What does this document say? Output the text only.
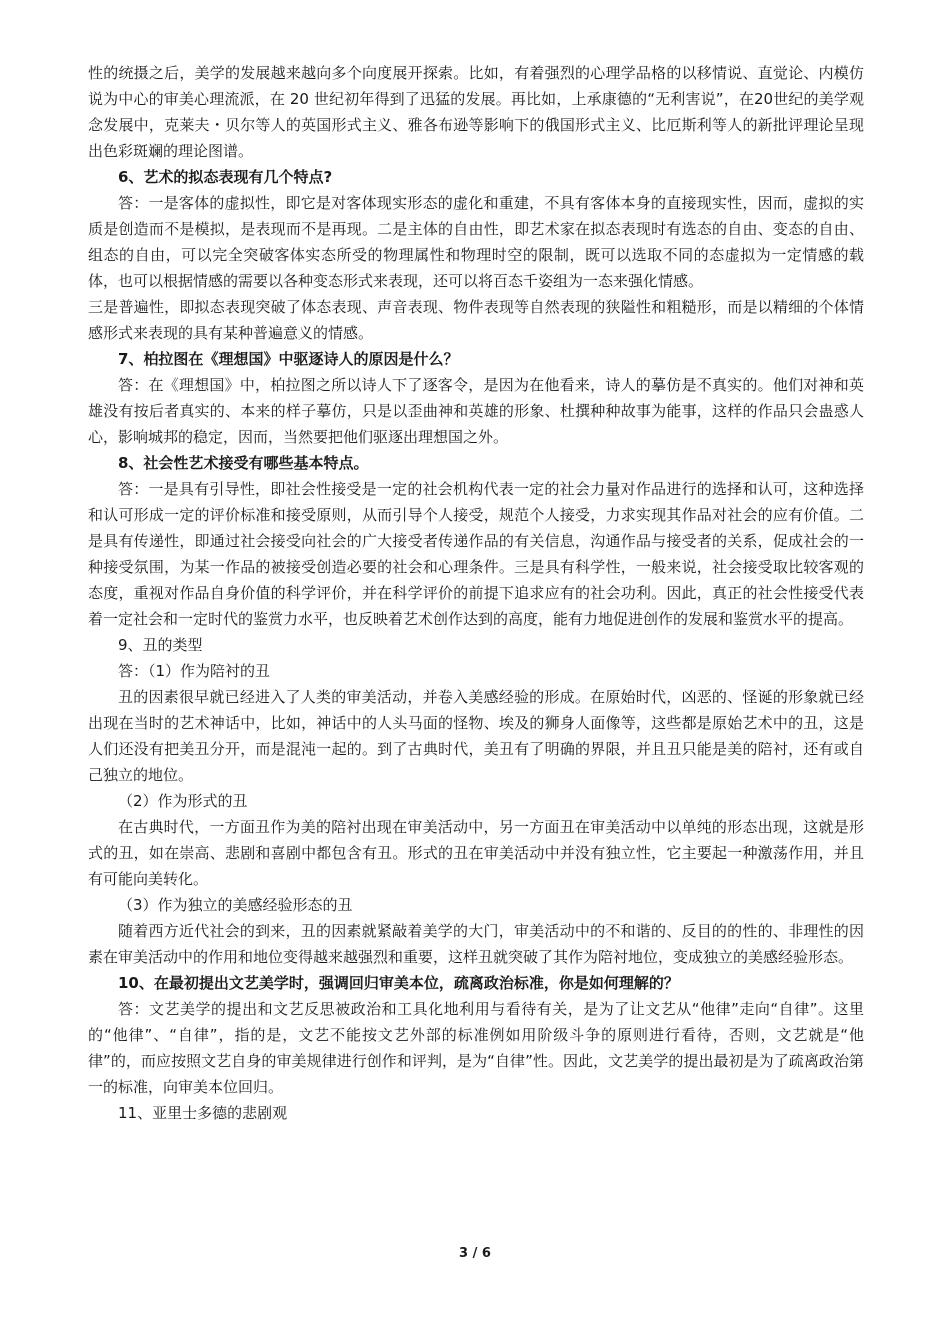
性的统摄之后，美学的发展越来越向多个向度展开探索。比如，有着强烈的心理学品格的以移情说、直觉论、内模仿说为中心的审美心理流派，在 20 世纪初年得到了迅猛的发展。再比如，上承康德的“无利害说”，在20世纪的美学观念发展中，克莱夫・贝尔等人的英国形式主义、雅各布逊等影响下的俄国形式主义、比厄斯利等人的新批评理论呈现出色彩斑斓的理论图谱。

6、艺术的拟态表现有几个特点?

答：一是客体的虚拟性，即它是对客体现实形态的虚化和重建，不具有客体本身的直接现实性，因而，虚拟的实质是创造而不是模拟，是表现而不是再现。二是主体的自由性，即艺术家在拟态表现时有选态的自由、变态的自由、组态的自由，可以完全突破客体实态所受的物理属性和物理时空的限制，既可以选取不同的态虚拟为一定情感的载体，也可以根据情感的需要以各种变态形式来表现，还可以将百态千姿组为一态来强化情感。

三是普遍性，即拟态表现突破了体态表现、声音表现、物件表现等自然表现的狭隘性和粗糙形，而是以精细的个体情感形式来表现的具有某种普遍意义的情感。

7、柏拉图在《理想国》中驱逐诗人的原因是什么？

答：在《理想国》中，柏拉图之所以诗人下了逐客令，是因为在他看来，诗人的摹仿是不真实的。他们对神和英雄没有按后者真实的、本来的样子摹仿，只是以歪曲神和英雄的形象、杜撰种种故事为能事，这样的作品只会蛊惑人心，影响城邦的稳定，因而，当然要把他们驱逐出理想国之外。

8、社会性艺术接受有哪些基本特点。

答：一是具有引导性，即社会性接受是一定的社会机构代表一定的社会力量对作品进行的选择和认可，这种选择和认可形成一定的评价标准和接受原则，从而引导个人接受，规范个人接受，力求实现其作品对社会的应有价值。二是具有传递性，即通过社会接受向社会的广大接受者传递作品的有关信息，沟通作品与接受者的关系，促成社会的一种接受氛围，为某一作品的被接受创造必要的社会和心理条件。三是具有科学性，一般来说，社会接受取比较客观的态度，重视对作品自身价值的科学评价，并在科学评价的前提下追求应有的社会功利。因此，真正的社会性接受代表着一定社会和一定时代的鉴赏力水平，也反映着艺术创作达到的高度，能有力地促进创作的发展和鉴赏水平的提高。

9、丑的类型

答：（1）作为陪衬的丑

丑的因素很早就已经进入了人类的审美活动，并卷入美感经验的形成。在原始时代，凶恶的、怪诞的形象就已经出现在当时的艺术神话中，比如，神话中的人头马面的怪物、埃及的狮身人面像等，这些都是原始艺术中的丑，这是人们还没有把美丑分开，而是混沌一起的。到了古典时代，美丑有了明确的界限，并且丑只能是美的陪衬，还有或自己独立的地位。

（2）作为形式的丑

在古典时代，一方面丑作为美的陪衬出现在审美活动中，另一方面丑在审美活动中以单纯的形态出现，这就是形式的丑，如在崇高、悲剧和喜剧中都包含有丑。形式的丑在审美活动中并没有独立性，它主要起一种激荡作用，并且有可能向美转化。

（3）作为独立的美感经验形态的丑

随着西方近代社会的到来，丑的因素就紧敲着美学的大门，审美活动中的不和谐的、反目的的性的、非理性的因素在审美活动中的作用和地位变得越来越强烈和重要，这样丑就突破了其作为陪衬地位，变成独立的美感经验形态。

10、在最初提出文艺美学时，强调回归审美本位，疏离政治标准，你是如何理解的？

答：文艺美学的提出和文艺反思被政治和工具化地利用与看待有关，是为了让文艺从“他律”走向“自律”。这里的“他律”、“自律”，指的是，文艺不能按文艺外部的标准例如用阶级斗争的原则进行看待，否则，文艺就是“他律”的，而应按照文艺自身的审美规律进行创作和评判，是为“自律”性。因此，文艺美学的提出最初是为了疏离政治第一的标准，向审美本位回归。

11、亚里士多德的悲剧观

3 / 6
